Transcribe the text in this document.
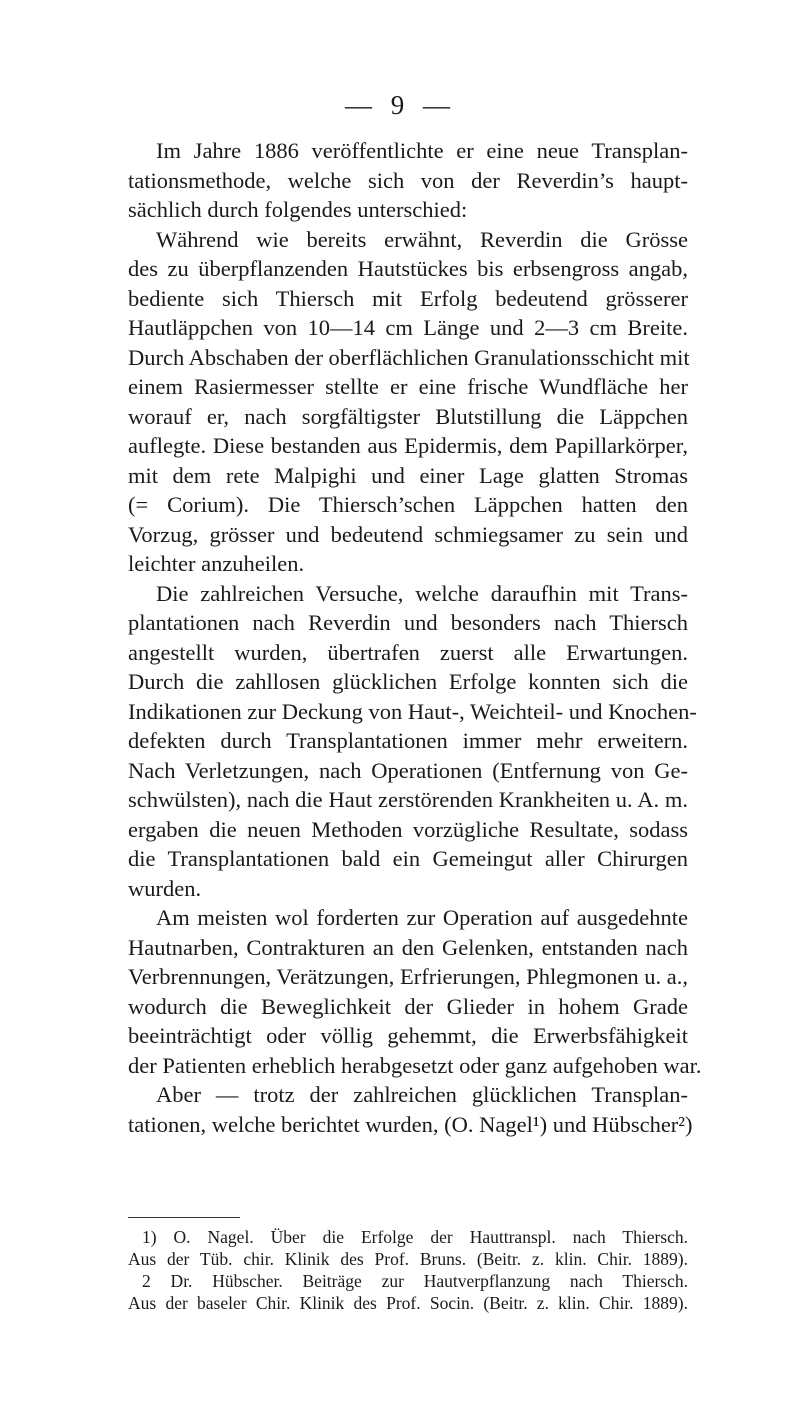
— 9 —
Im Jahre 1886 veröffentlichte er eine neue Transplan-
tationsmethode, welche sich von der Reverdin’s haupt-
sächlich durch folgendes unterschied:
Während wie bereits erwähnt, Reverdin die Grösse
des zu überpflanzenden Hautstückes bis erbsengross angab,
bediente sich Thiersch mit Erfolg bedeutend grösserer
Hautläppchen von 10—14 cm Länge und 2—3 cm Breite.
Durch Abschaben der oberflächlichen Granulationsschicht mit
einem Rasiermesser stellte er eine frische Wundfläche her
worauf er, nach sorgfältigster Blutstillung die Läppchen
auflegte. Diese bestanden aus Epidermis, dem Papillarkörper,
mit dem rete Malpighi und einer Lage glatten Stromas
(= Corium). Die Thiersch’schen Läppchen hatten den
Vorzug, grösser und bedeutend schmiegsamer zu sein und
leichter anzuheilen.
Die zahlreichen Versuche, welche daraufhin mit Trans-
plantationen nach Reverdin und besonders nach Thiersch
angestellt wurden, übertrafen zuerst alle Erwartungen.
Durch die zahllosen glücklichen Erfolge konnten sich die
Indikationen zur Deckung von Haut-, Weichteil- und Knochen-
defekten durch Transplantationen immer mehr erweitern.
Nach Verletzungen, nach Operationen (Entfernung von Ge-
schwülsten), nach die Haut zerstörenden Krankheiten u. A. m.
ergaben die neuen Methoden vorzügliche Resultate, sodass
die Transplantationen bald ein Gemeingut aller Chirurgen
wurden.
Am meisten wol forderten zur Operation auf ausgedehnte
Hautnarben, Contrakturen an den Gelenken, entstanden nach
Verbrennungen, Verätzungen, Erfrierungen, Phlegmonen u. a.,
wodurch die Beweglichkeit der Glieder in hohem Grade
beeinträchtigt oder völlig gehemmt, die Erwerbsfähigkeit
der Patienten erheblich herabgesetzt oder ganz aufgehoben war.
Aber — trotz der zahlreichen glücklichen Transplan-
tationen, welche berichtet wurden, (O. Nagel¹) und Hübscher²)
1) O. Nagel. Über die Erfolge der Hauttranspl. nach Thiersch.
Aus der Tüb. chir. Klinik des Prof. Bruns. (Beitr. z. klin. Chir. 1889).
2 Dr. Hübscher. Beiträge zur Hautverpflanzung nach Thiersch.
Aus der baseler Chir. Klinik des Prof. Socin. (Beitr. z. klin. Chir. 1889).
